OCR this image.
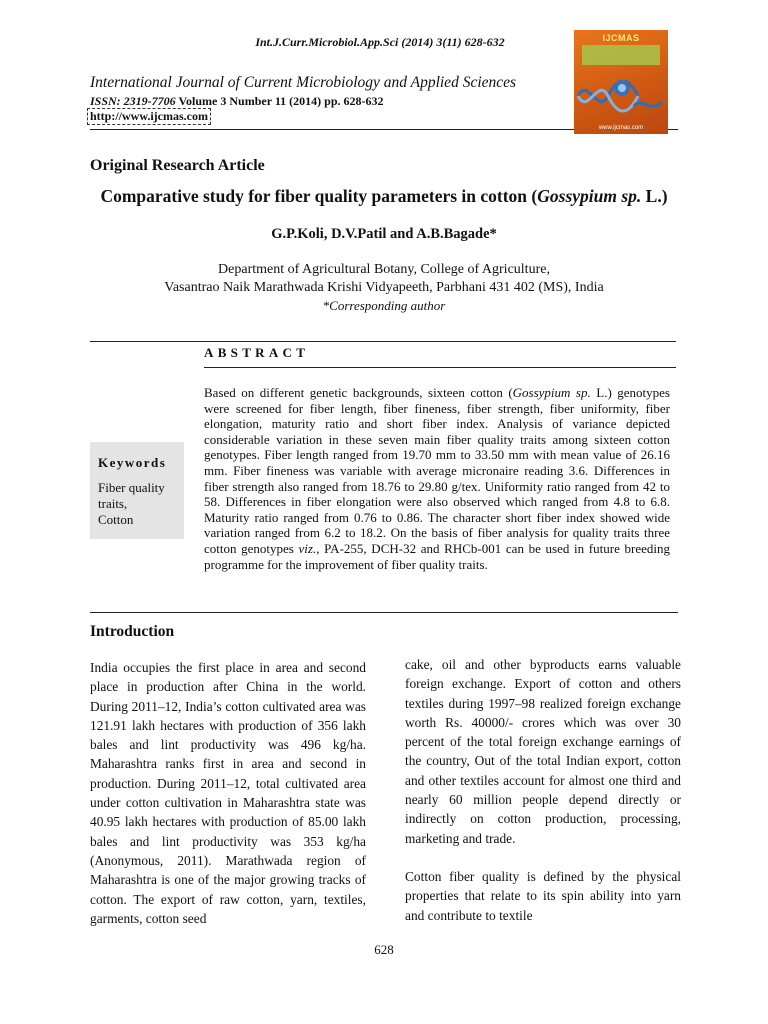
Int.J.Curr.Microbiol.App.Sci (2014) 3(11) 628-632
International Journal of Current Microbiology and Applied Sciences
ISSN: 2319-7706 Volume 3 Number 11 (2014) pp. 628-632
http://www.ijcmas.com
IJCMAS
www.ijcmas.com
Original Research Article
Comparative study for fiber quality parameters in cotton (Gossypium sp. L.)
G.P.Koli, D.V.Patil and A.B.Bagade*
Department of Agricultural Botany, College of Agriculture,
Vasantrao Naik Marathwada Krishi Vidyapeeth, Parbhani 431 402 (MS), India
*Corresponding author
ABSTRACT

Based on different genetic backgrounds, sixteen cotton (Gossypium sp. L.) genotypes were screened for fiber length, fiber fineness, fiber strength, fiber uniformity, fiber elongation, maturity ratio and short fiber index. Analysis of variance depicted considerable variation in these seven main fiber quality traits among sixteen cotton genotypes. Fiber length ranged from 19.70 mm to 33.50 mm with mean value of 26.16 mm. Fiber fineness was variable with average micronaire reading 3.6. Differences in fiber strength also ranged from 18.76 to 29.80 g/tex. Uniformity ratio ranged from 42 to 58. Differences in fiber elongation were also observed which ranged from 4.8 to 6.8. Maturity ratio ranged from 0.76 to 0.86. The character short fiber index showed wide variation ranged from 6.2 to 18.2. On the basis of fiber analysis for quality traits three cotton genotypes viz., PA-255, DCH-32 and RHCb-001 can be used in future breeding programme for the improvement of fiber quality traits.

Keywords
Fiber quality
traits,
Cotton
Introduction

India occupies the first place in area and second place in production after China in the world. During 2011–12, India’s cotton cultivated area was 121.91 lakh hectares with production of 356 lakh bales and lint productivity was 496 kg/ha. Maharashtra ranks first in area and second in production. During 2011–12, total cultivated area under cotton cultivation in Maharashtra state was 40.95 lakh hectares with production of 85.00 lakh bales and lint productivity was 353 kg/ha (Anonymous, 2011). Marathwada region of Maharashtra is one of the major growing tracks of cotton. The export of raw cotton, yarn, textiles, garments, cotton seed

cake, oil and other byproducts earns valuable foreign exchange. Export of cotton and others textiles during 1997–98 realized foreign exchange worth Rs. 40000/- crores which was over 30 percent of the total foreign exchange earnings of the country, Out of the total Indian export, cotton and other textiles account for almost one third and nearly 60 million people depend directly or indirectly on cotton production, processing, marketing and trade.

Cotton fiber quality is defined by the physical properties that relate to its spin ability into yarn and contribute to textile

628
